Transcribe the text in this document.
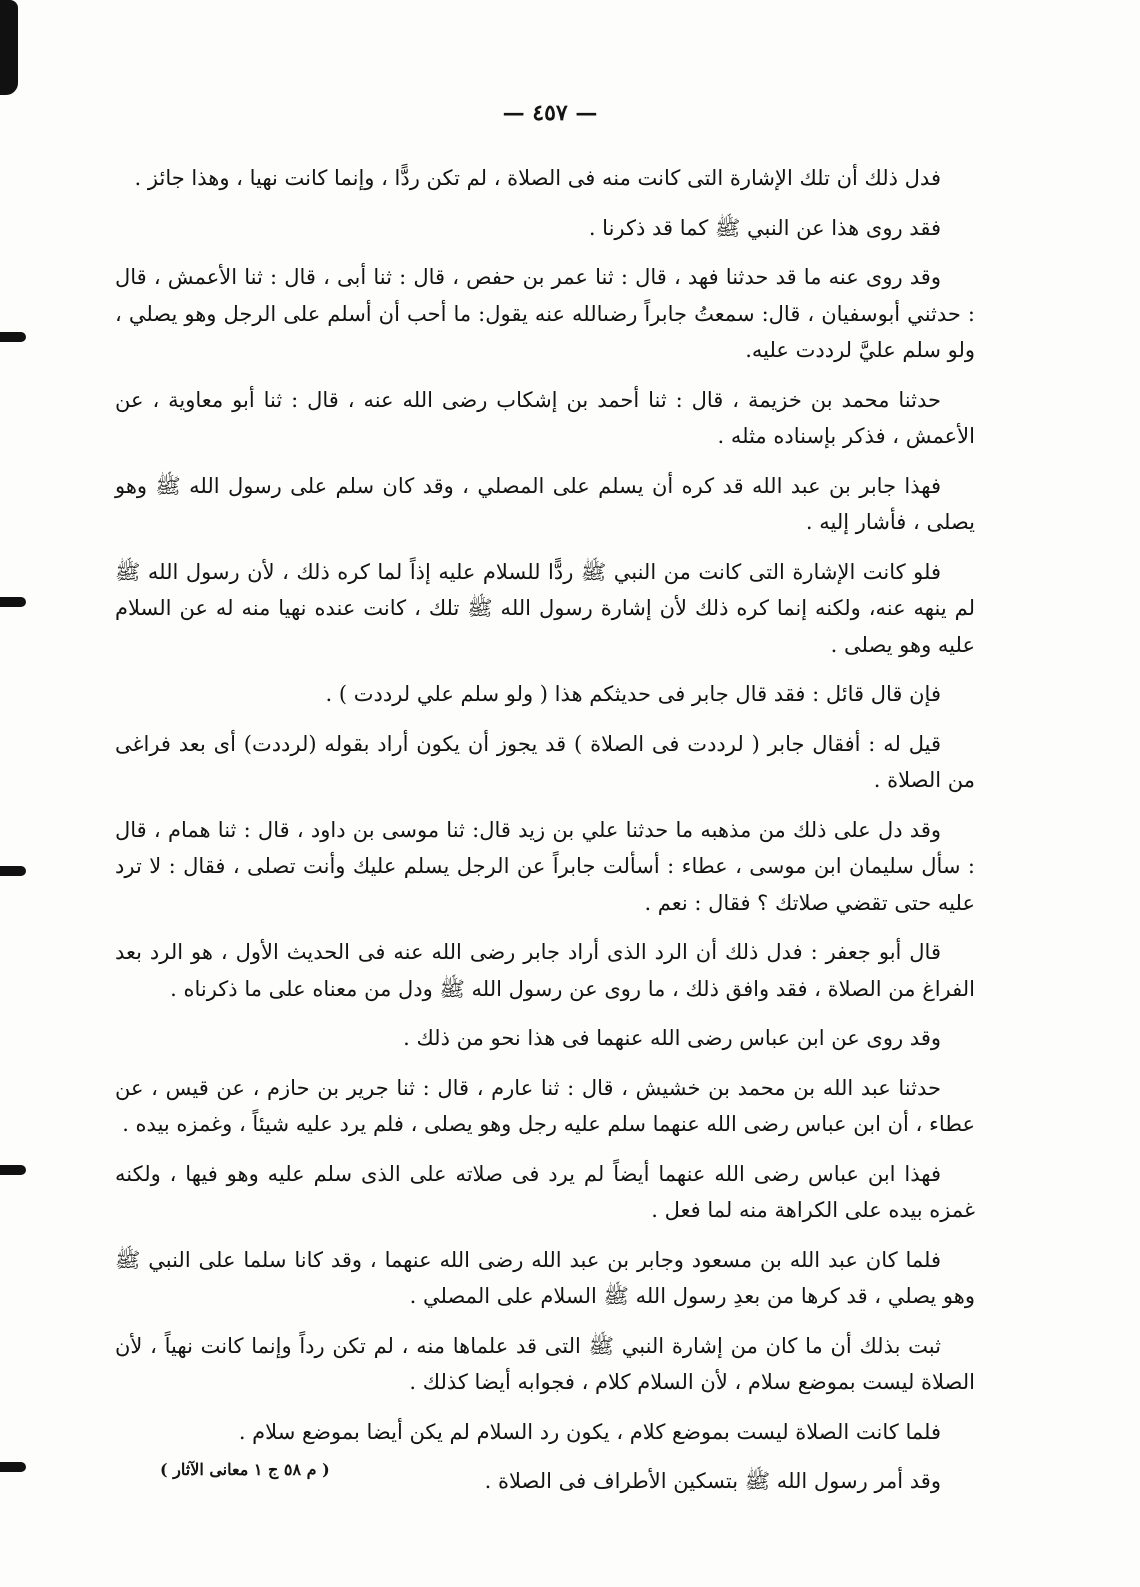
— ٤٥٧ —

فدل ذلك أن تلك الإشارة التى كانت منه فى الصلاة ، لم تكن ردًّا ، وإنما كانت نهيا ، وهذا جائز .

فقد روى هذا عن النبي ﷺ كما قد ذكرنا .

وقد روى عنه ما قد حدثنا فهد ، قال : ثنا عمر بن حفص ، قال : ثنا أبى ، قال : ثنا الأعمش ، قال : حدثني أبوسفيان ، قال: سمعتُ جابراً رضىالله عنه يقول: ما أحب أن أسلم على الرجل وهو يصلي ، ولو سلم عليَّ لرددت عليه.

حدثنا محمد بن خزيمة ، قال : ثنا أحمد بن إشكاب رضى الله عنه ، قال : ثنا أبو معاوية ، عن الأعمش ، فذكر بإسناده مثله .

فهذا جابر بن عبد الله قد كره أن يسلم على المصلي ، وقد كان سلم على رسول الله ﷺ وهو يصلى ، فأشار إليه .

فلو كانت الإشارة التى كانت من النبي ﷺ ردًّا للسلام عليه إذاً لما كره ذلك ، لأن رسول الله ﷺ لم ينهه عنه، ولكنه إنما كره ذلك لأن إشارة رسول الله ﷺ تلك ، كانت عنده نهيا منه له عن السلام عليه وهو يصلى .

فإن قال قائل : فقد قال جابر فى حديثكم هذا ( ولو سلم علي لرددت ) .

قيل له : أفقال جابر ( لرددت فى الصلاة ) قد يجوز أن يكون أراد بقوله (لرددت) أى بعد فراغى من الصلاة .

وقد دل على ذلك من مذهبه ما حدثنا علي بن زيد قال: ثنا موسى بن داود ، قال : ثنا همام ، قال : سأل سليمان ابن موسى ، عطاء : أسألت جابراً عن الرجل يسلم عليك وأنت تصلى ، فقال : لا ترد عليه حتى تقضي صلاتك ؟ فقال : نعم .

قال أبو جعفر : فدل ذلك أن الرد الذى أراد جابر رضى الله عنه فى الحديث الأول ، هو الرد بعد الفراغ من الصلاة ، فقد وافق ذلك ، ما روى عن رسول الله ﷺ ودل من معناه على ما ذكرناه .

وقد روى عن ابن عباس رضى الله عنهما فى هذا نحو من ذلك .

حدثنا عبد الله بن محمد بن خشيش ، قال : ثنا عارم ، قال : ثنا جرير بن حازم ، عن قيس ، عن عطاء ، أن ابن عباس رضى الله عنهما سلم عليه رجل وهو يصلى ، فلم يرد عليه شيئاً ، وغمزه بيده .

فهذا ابن عباس رضى الله عنهما أيضاً لم يرد فى صلاته على الذى سلم عليه وهو فيها ، ولكنه غمزه بيده على الكراهة منه لما فعل .

فلما كان عبد الله بن مسعود وجابر بن عبد الله رضى الله عنهما ، وقد كانا سلما على النبي ﷺ وهو يصلي ، قد كرها من بعدِ رسول الله ﷺ السلام على المصلي .

ثبت بذلك أن ما كان من إشارة النبي ﷺ التى قد علماها منه ، لم تكن رداً وإنما كانت نهياً ، لأن الصلاة ليست بموضع سلام ، لأن السلام كلام ، فجوابه أيضا كذلك .

فلما كانت الصلاة ليست بموضع كلام ، يكون رد السلام لم يكن أيضا بموضع سلام .

وقد أمر رسول الله ﷺ بتسكين الأطراف فى الصلاة .

( م ٥٨ ج ١ معانى الآثار )
